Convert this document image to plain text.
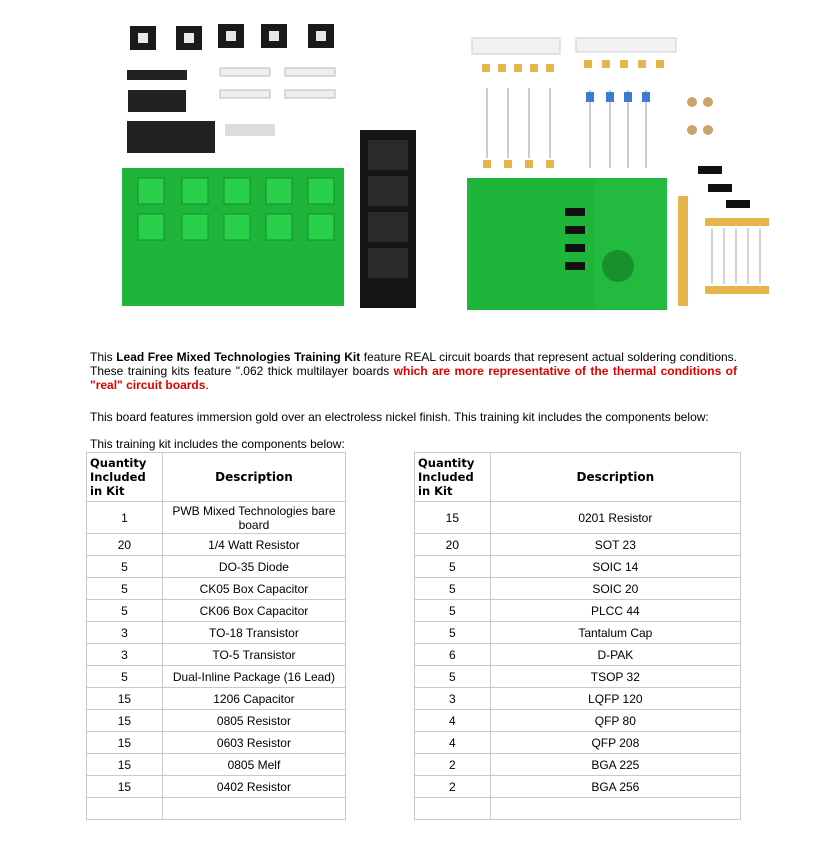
This Lead Free Mixed Technologies Training Kit feature REAL circuit boards that represent actual soldering conditions. These training kits feature ".062 thick multilayer boards which are more representative of the thermal conditions of "real" circuit boards.
This board features immersion gold over an electroless nickel finish. This training kit includes the components below:
This training kit includes the components below:
Quantity Included in Kit	Description
1	PWB Mixed Technologies bare board
20	1/4 Watt Resistor
5	DO-35 Diode
5	CK05 Box Capacitor
5	CK06 Box Capacitor
3	TO-18 Transistor
3	TO-5 Transistor
5	Dual-Inline Package (16 Lead)
15	1206 Capacitor
15	0805 Resistor
15	0603 Resistor
15	0805 Melf
15	0402 Resistor

Quantity Included in Kit	Description
15	0201 Resistor
20	SOT 23
5	SOIC 14
5	SOIC 20
5	PLCC 44
5	Tantalum Cap
6	D-PAK
5	TSOP 32
3	LQFP 120
4	QFP 80
4	QFP 208
2	BGA 225
2	BGA 256
